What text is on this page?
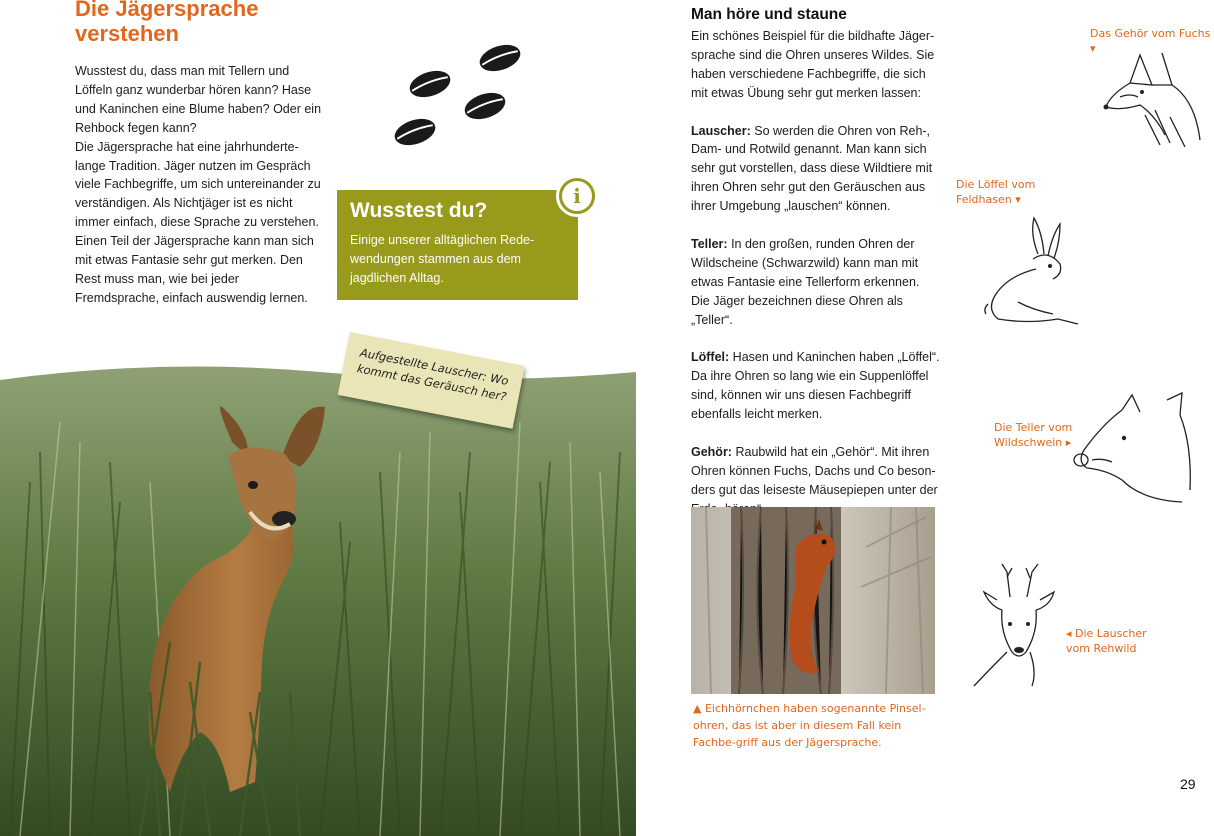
Die Jägersprache
verstehen

Wusstest du, dass man mit Tellern und Löffeln ganz wunderbar hören kann? Hase und Kaninchen eine Blume haben? Oder ein Rehbock fegen kann?

Die Jägersprache hat eine jahrhunderte-lange Tradition. Jäger nutzen im Gespräch viele Fachbegriffe, um sich untereinander zu verständigen. Als Nichtjäger ist es nicht immer einfach, diese Sprache zu verstehen. Einen Teil der Jägersprache kann man sich mit etwas Fantasie sehr gut merken. Den Rest muss man, wie bei jeder Fremdsprache, einfach auswendig lernen.

Wusstest du?
Einige unserer alltäglichen Rede-wendungen stammen aus dem jagdlichen Alltag.
i
Aufgestellte Lauscher: Wo kommt das Geräusch her?
Man höre und staune

Ein schönes Beispiel für die bildhafte Jäger-sprache sind die Ohren unseres Wildes. Sie haben verschiedene Fachbegriffe, die sich mit etwas Übung sehr gut merken lassen:

Lauscher: So werden die Ohren von Reh-, Dam- und Rotwild genannt. Man kann sich sehr gut vorstellen, dass diese Wildtiere mit ihren Ohren sehr gut den Geräuschen aus ihrer Umgebung „lauschen“ können.

Teller: In den großen, runden Ohren der Wildscheine (Schwarzwild) kann man mit etwas Fantasie eine Tellerform erkennen. Die Jäger bezeichnen diese Ohren als „Teller“.

Löffel: Hasen und Kaninchen haben „Löffel“. Da ihre Ohren so lang wie ein Suppenlöffel sind, können wir uns diesen Fachbegriff ebenfalls leicht merken.

Gehör: Raubwild hat ein „Gehör“. Mit ihren Ohren können Fuchs, Dachs und Co beson-ders gut das leiseste Mäusepiepen unter der

▲ Eichhörnchen haben sogenannte Pinsel-ohren, das ist aber in diesem Fall kein Fachbe-griff aus der Jägersprache.
Das Gehör vom Fuchs ▾
Die Löffel vom
Feldhasen ▾
Die Teller vom
Wildschwein ▸
◂ Die Lauscher
vom Rehwild
29
